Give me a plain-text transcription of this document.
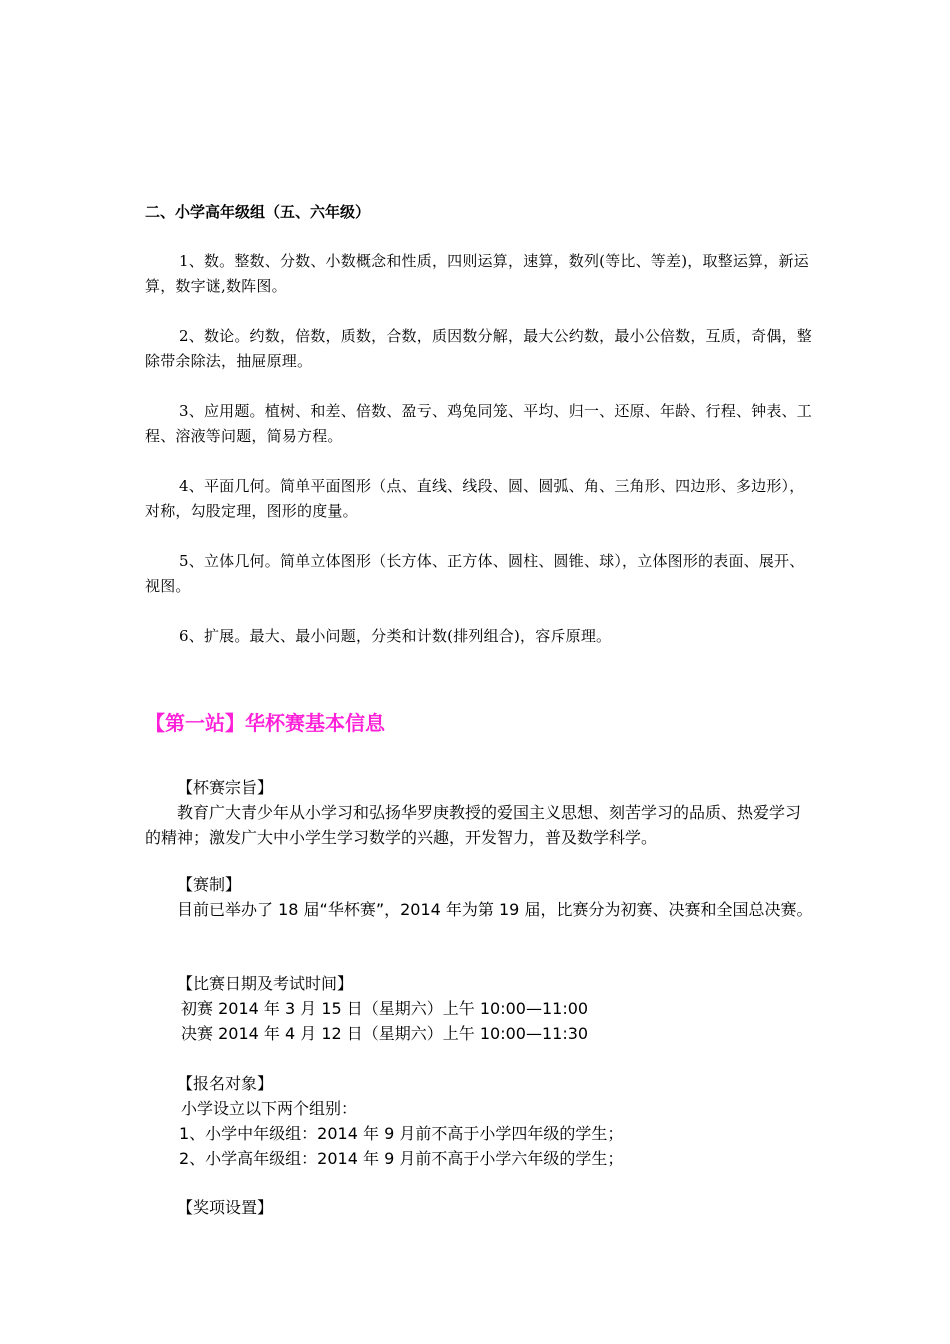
二、小学高年级组（五、六年级）
1、数。整数、分数、小数概念和性质，四则运算，速算，数列(等比、等差)，取整运算，新运算，数字谜,数阵图。
2、数论。约数，倍数，质数，合数，质因数分解，最大公约数，最小公倍数，互质，奇偶，整除带余除法，抽屉原理。
3、应用题。植树、和差、倍数、盈亏、鸡兔同笼、平均、归一、还原、年龄、行程、钟表、工程、溶液等问题，简易方程。
4、平面几何。简单平面图形（点、直线、线段、圆、圆弧、角、三角形、四边形、多边形），对称，勾股定理，图形的度量。
5、立体几何。简单立体图形（长方体、正方体、圆柱、圆锥、球），立体图形的表面、展开、视图。
6、扩展。最大、最小问题，分类和计数(排列组合)，容斥原理。
【第一站】华杯赛基本信息
【杯赛宗旨】
教育广大青少年从小学习和弘扬华罗庚教授的爱国主义思想、刻苦学习的品质、热爱学习的精神；激发广大中小学生学习数学的兴趣，开发智力，普及数学科学。
【赛制】
目前已举办了 18 届“华杯赛”，2014 年为第 19 届，比赛分为初赛、决赛和全国总决赛。
【比赛日期及考试时间】
初赛 2014 年 3 月 15 日（星期六）上午 10:00—11:00
决赛 2014 年 4 月 12 日（星期六）上午 10:00—11:30
【报名对象】
小学设立以下两个组别：
1、小学中年级组：2014 年 9 月前不高于小学四年级的学生；
2、小学高年级组：2014 年 9 月前不高于小学六年级的学生；
【奖项设置】
